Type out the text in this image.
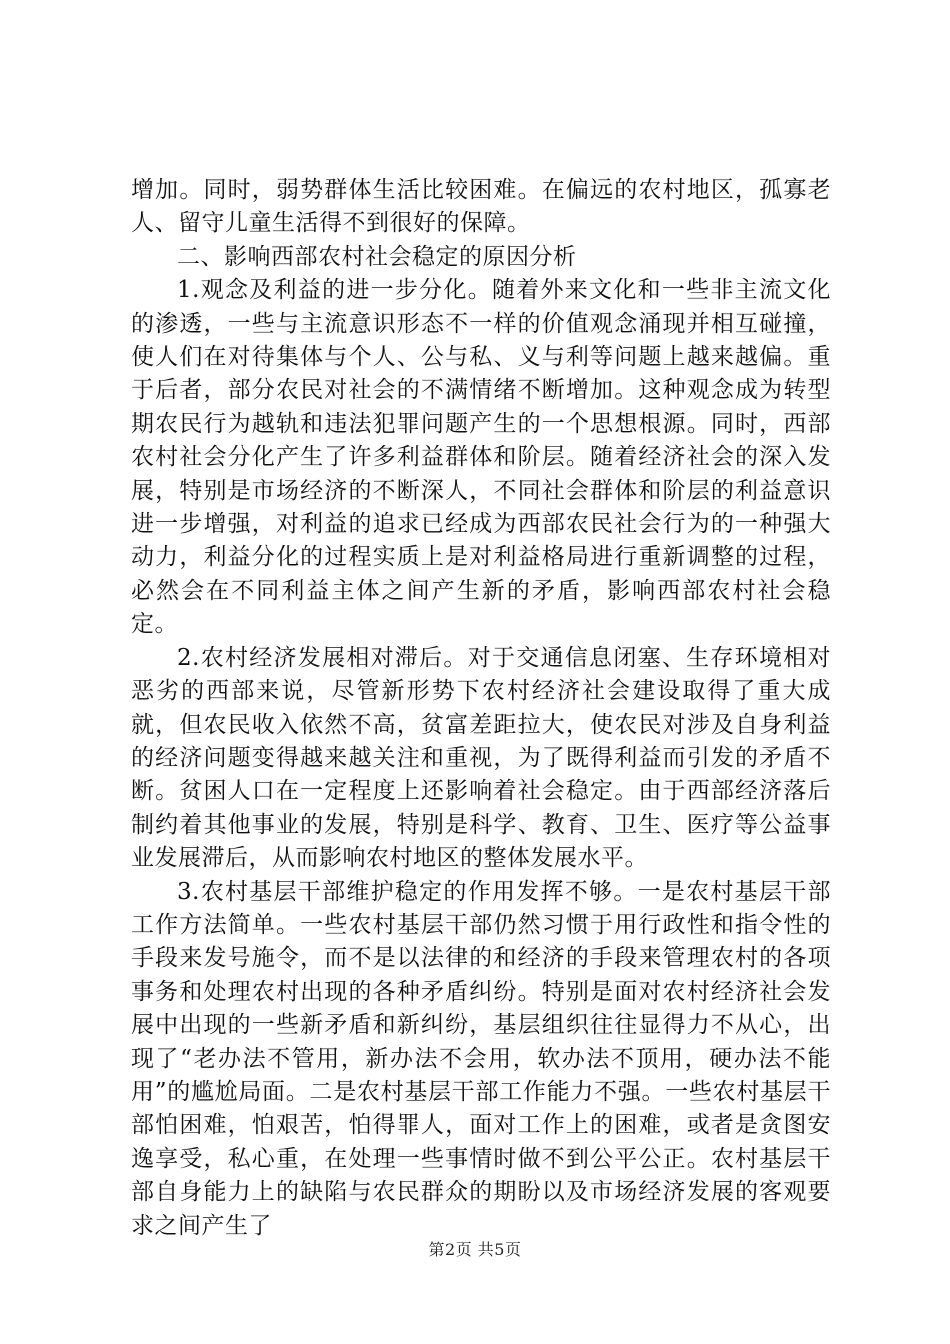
增加。同时，弱势群体生活比较困难。在偏远的农村地区，孤寡老人、留守儿童生活得不到很好的保障。

二、影响西部农村社会稳定的原因分析

1.观念及利益的进一步分化。随着外来文化和一些非主流文化的渗透，一些与主流意识形态不一样的价值观念涌现并相互碰撞，使人们在对待集体与个人、公与私、义与利等问题上越来越偏。重于后者，部分农民对社会的不满情绪不断增加。这种观念成为转型期农民行为越轨和违法犯罪问题产生的一个思想根源。同时，西部农村社会分化产生了许多利益群体和阶层。随着经济社会的深入发展，特别是市场经济的不断深人，不同社会群体和阶层的利益意识进一步增强，对利益的追求已经成为西部农民社会行为的一种强大动力，利益分化的过程实质上是对利益格局进行重新调整的过程，必然会在不同利益主体之间产生新的矛盾，影响西部农村社会稳定。

2.农村经济发展相对滞后。对于交通信息闭塞、生存环境相对恶劣的西部来说，尽管新形势下农村经济社会建设取得了重大成就，但农民收入依然不高，贫富差距拉大，使农民对涉及自身利益的经济问题变得越来越关注和重视，为了既得利益而引发的矛盾不断。贫困人口在一定程度上还影响着社会稳定。由于西部经济落后制约着其他事业的发展，特别是科学、教育、卫生、医疗等公益事业发展滞后，从而影响农村地区的整体发展水平。

3.农村基层干部维护稳定的作用发挥不够。一是农村基层干部工作方法简单。一些农村基层干部仍然习惯于用行政性和指令性的手段来发号施令，而不是以法律的和经济的手段来管理农村的各项事务和处理农村出现的各种矛盾纠纷。特别是面对农村经济社会发展中出现的一些新矛盾和新纠纷，基层组织往往显得力不从心，出现了“老办法不管用，新办法不会用，软办法不顶用，硬办法不能用”的尴尬局面。二是农村基层干部工作能力不强。一些农村基层干部怕困难，怕艰苦，怕得罪人，面对工作上的困难，或者是贪图安逸享受，私心重，在处理一些事情时做不到公平公正。农村基层干部自身能力上的缺陷与农民群众的期盼以及市场经济发展的客观要求之间产生了

第2页 共5页
